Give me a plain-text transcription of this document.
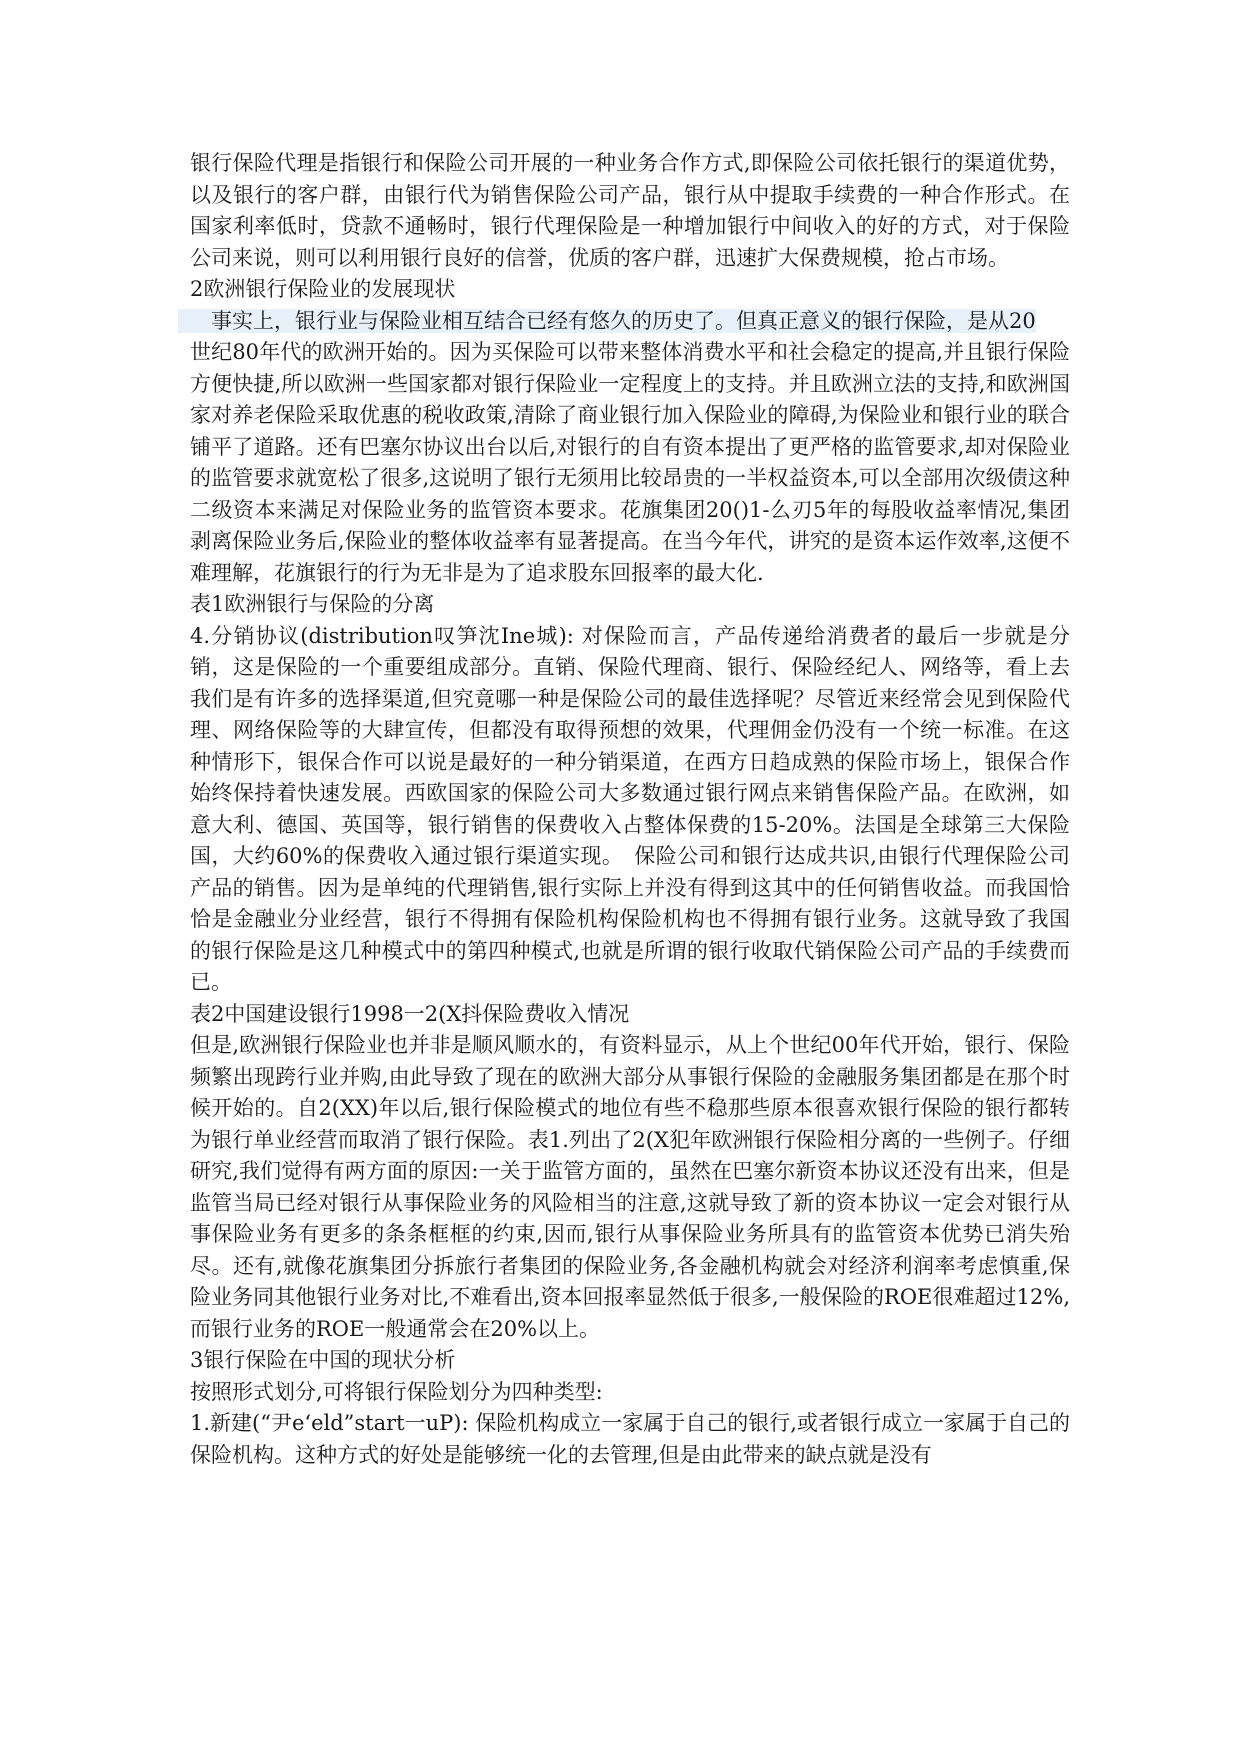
银行保险代理是指银行和保险公司开展的一种业务合作方式,即保险公司依托银行的渠道优势，以及银行的客户群，由银行代为销售保险公司产品，银行从中提取手续费的一种合作形式。在国家利率低时，贷款不通畅时，银行代理保险是一种增加银行中间收入的好的方式，对于保险公司来说，则可以利用银行良好的信誉，优质的客户群，迅速扩大保费规模，抢占市场。

2欧洲银行保险业的发展现状

　事实上，银行业与保险业相互结合已经有悠久的历史了。但真正意义的银行保险，是从20
世纪80年代的欧洲开始的。因为买保险可以带来整体消费水平和社会稳定的提高,并且银行保险方便快捷,所以欧洲一些国家都对银行保险业一定程度上的支持。并且欧洲立法的支持,和欧洲国家对养老保险采取优惠的税收政策,清除了商业银行加入保险业的障碍,为保险业和银行业的联合铺平了道路。还有巴塞尔协议出台以后,对银行的自有资本提出了更严格的监管要求,却对保险业的监管要求就宽松了很多,这说明了银行无须用比较昂贵的一半权益资本,可以全部用次级债这种二级资本来满足对保险业务的监管资本要求。花旗集团20()1-么刃5年的每股收益率情况,集团剥离保险业务后,保险业的整体收益率有显著提高。在当今年代，讲究的是资本运作效率,这便不难理解，花旗银行的行为无非是为了追求股东回报率的最大化.

表1欧洲银行与保险的分离

4.分销协议(distribution叹笋沈Ine城): 对保险而言，产品传递给消费者的最后一步就是分销，这是保险的一个重要组成部分。直销、保险代理商、银行、保险经纪人、网络等，看上去我们是有许多的选择渠道,但究竟哪一种是保险公司的最佳选择呢？尽管近来经常会见到保险代理、网络保险等的大肆宣传，但都没有取得预想的效果，代理佣金仍没有一个统一标准。在这种情形下，银保合作可以说是最好的一种分销渠道，在西方日趋成熟的保险市场上，银保合作始终保持着快速发展。西欧国家的保险公司大多数通过银行网点来销售保险产品。在欧洲，如意大利、德国、英国等，银行销售的保费收入占整体保费的15-20%。法国是全球第三大保险国，大约60%的保费收入通过银行渠道实现。　保险公司和银行达成共识,由银行代理保险公司产品的销售。因为是单纯的代理销售,银行实际上并没有得到这其中的任何销售收益。而我国恰恰是金融业分业经营，银行不得拥有保险机构保险机构也不得拥有银行业务。这就导致了我国的银行保险是这几种模式中的第四种模式,也就是所谓的银行收取代销保险公司产品的手续费而已。

表2中国建设银行1998一2(X抖保险费收入情况

但是,欧洲银行保险业也并非是顺风顺水的，有资料显示，从上个世纪00年代开始，银行、保险频繁出现跨行业并购,由此导致了现在的欧洲大部分从事银行保险的金融服务集团都是在那个时候开始的。自2(XX)年以后,银行保险模式的地位有些不稳那些原本很喜欢银行保险的银行都转为银行单业经营而取消了银行保险。表1.列出了2(X犯年欧洲银行保险相分离的一些例子。仔细研究,我们觉得有两方面的原因:一关于监管方面的，虽然在巴塞尔新资本协议还没有出来，但是监管当局已经对银行从事保险业务的风险相当的注意,这就导致了新的资本协议一定会对银行从事保险业务有更多的条条框框的约束,因而,银行从事保险业务所具有的监管资本优势已消失殆尽。还有,就像花旗集团分拆旅行者集团的保险业务,各金融机构就会对经济利润率考虑慎重,保险业务同其他银行业务对比,不难看出,资本回报率显然低于很多,一般保险的ROE很难超过12%,而银行业务的ROE一般通常会在20%以上。

3银行保险在中国的现状分析

按照形式划分,可将银行保险划分为四种类型:

1.新建(“尹e‘eld”start一uP): 保险机构成立一家属于自己的银行,或者银行成立一家属于自己的保险机构。这种方式的好处是能够统一化的去管理,但是由此带来的缺点就是没有
